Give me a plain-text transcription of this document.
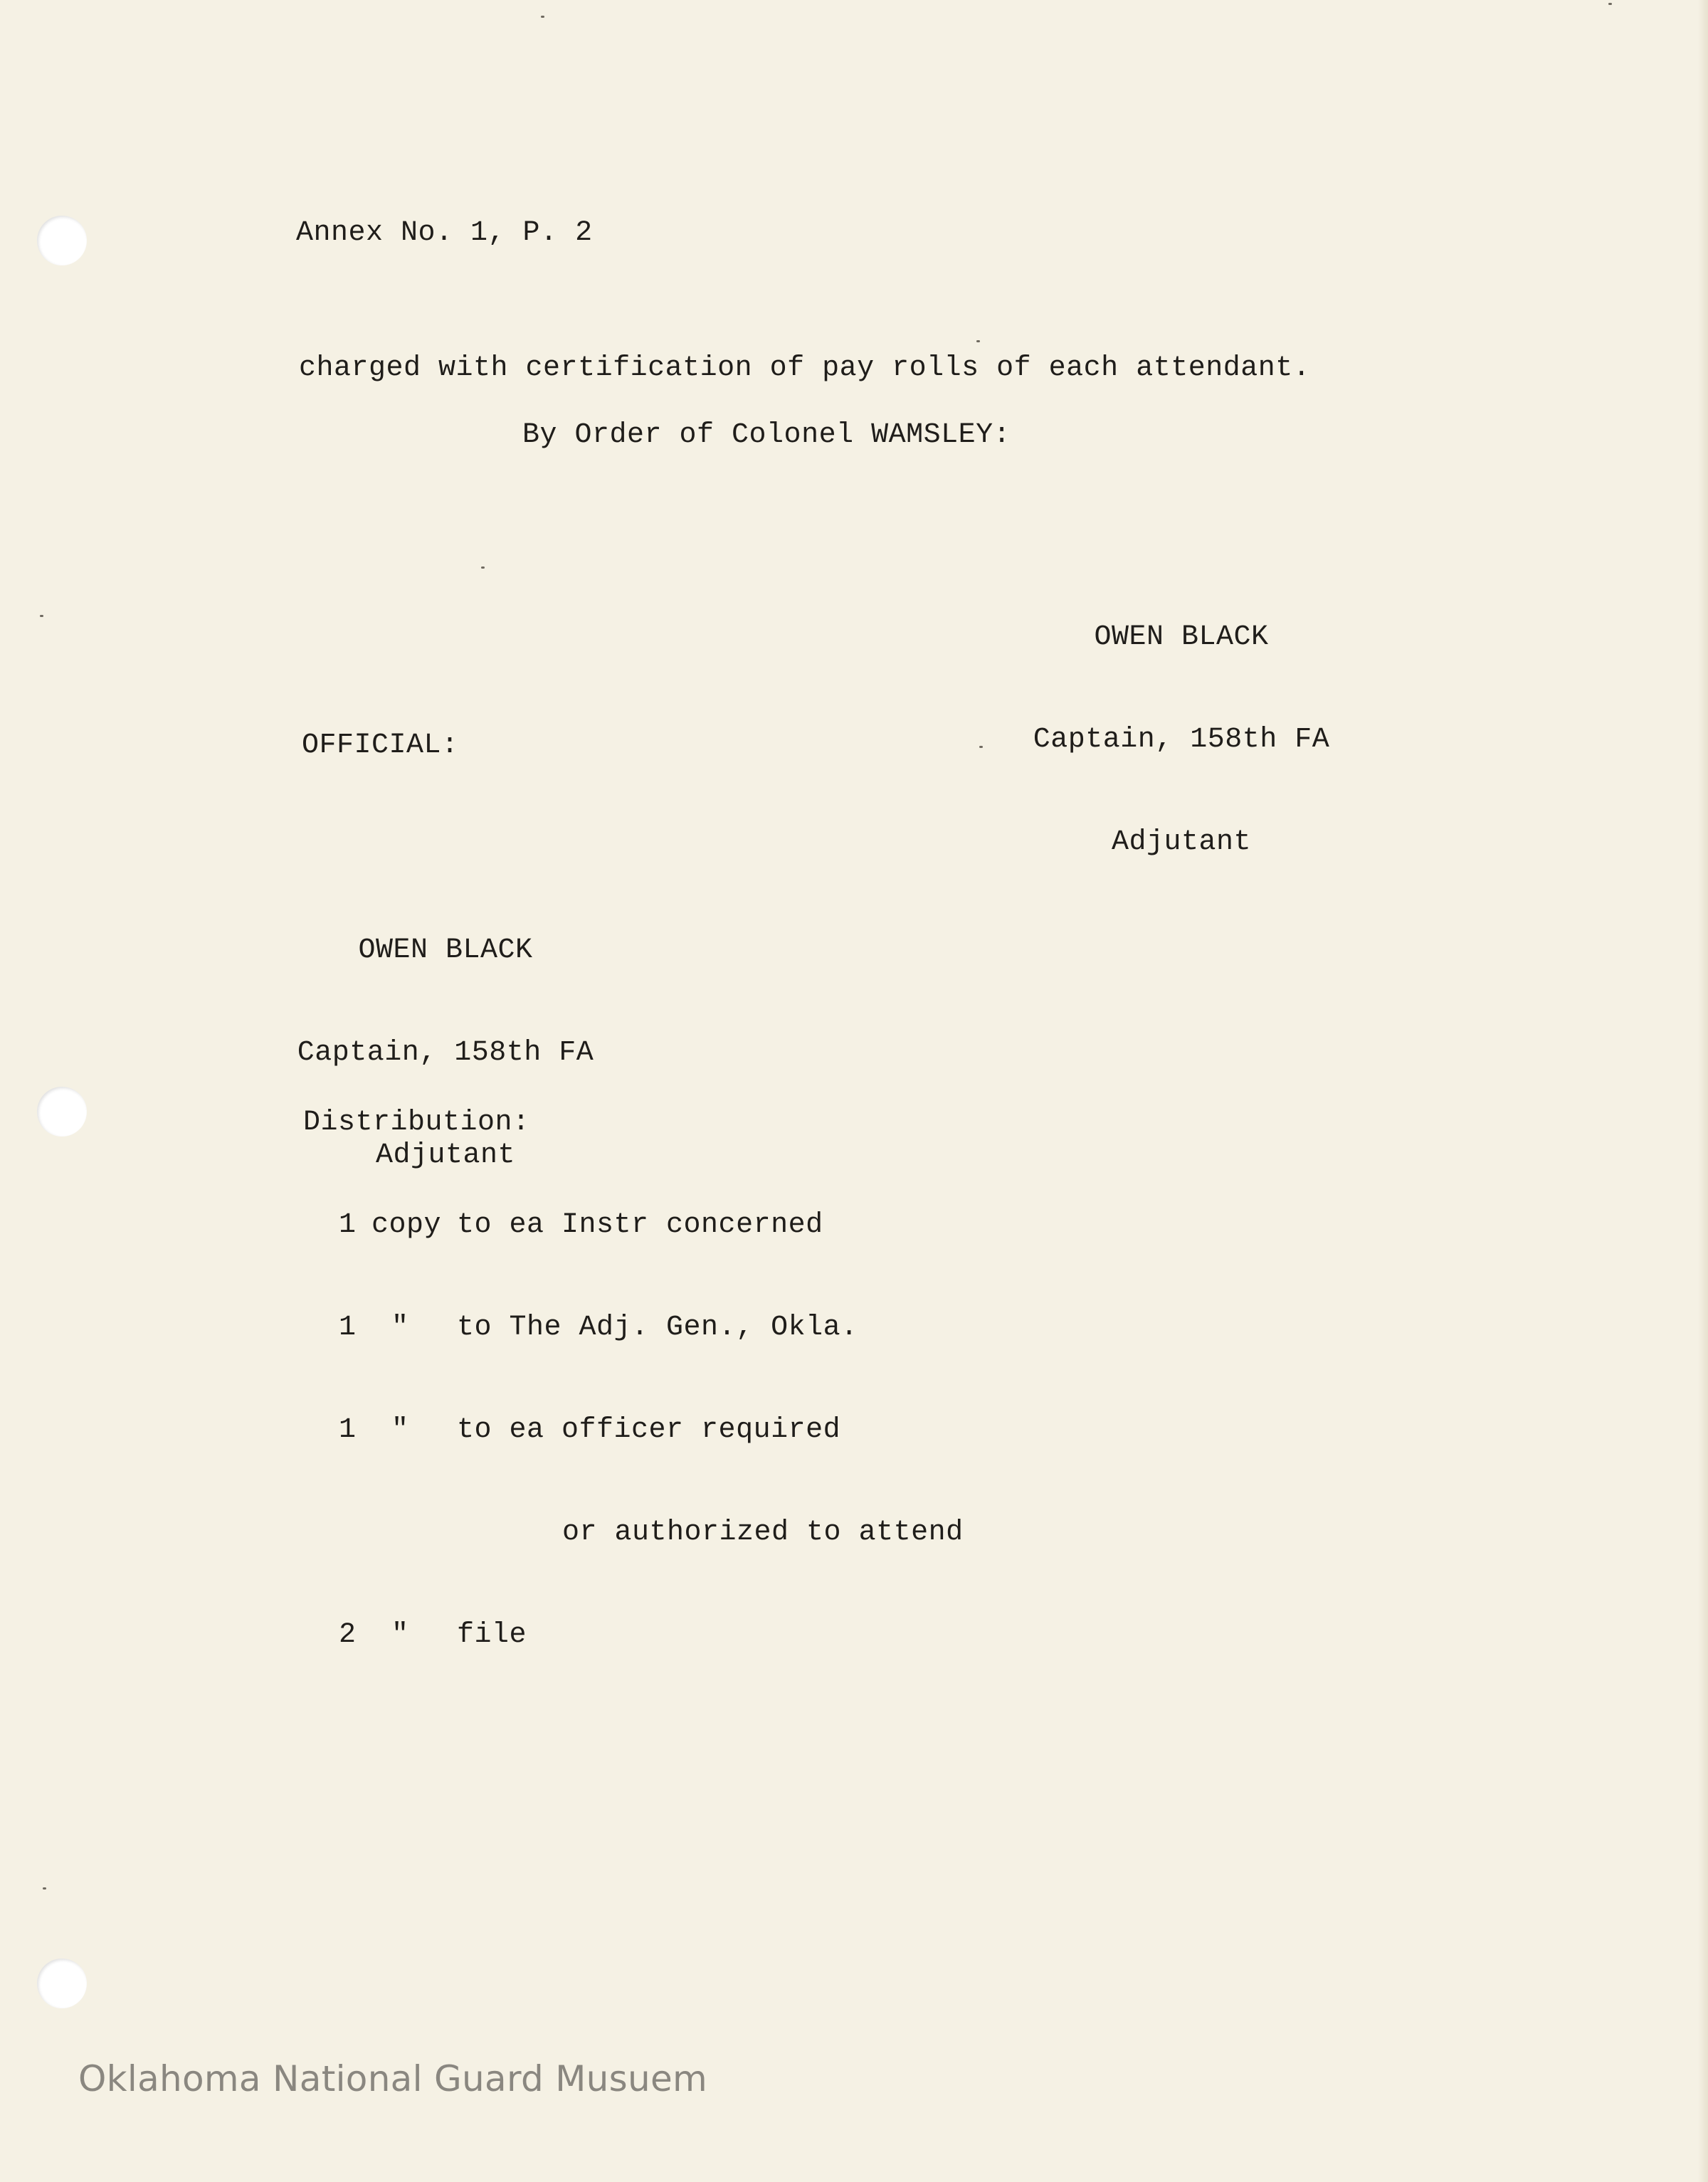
Annex No. 1, P. 2
charged with certification of pay rolls of each attendant.
By Order of Colonel WAMSLEY:

OWEN BLACK

Captain, 158th FA

Adjutant

OFFICIAL:

OWEN BLACK

Captain, 158th FA

Adjutant

Distribution:

1

copy

to ea Instr concerned

1

"

to The Adj. Gen., Okla.

1

"

to ea officer required

or authorized to attend

2

"

file

Oklahoma National Guard Musuem
